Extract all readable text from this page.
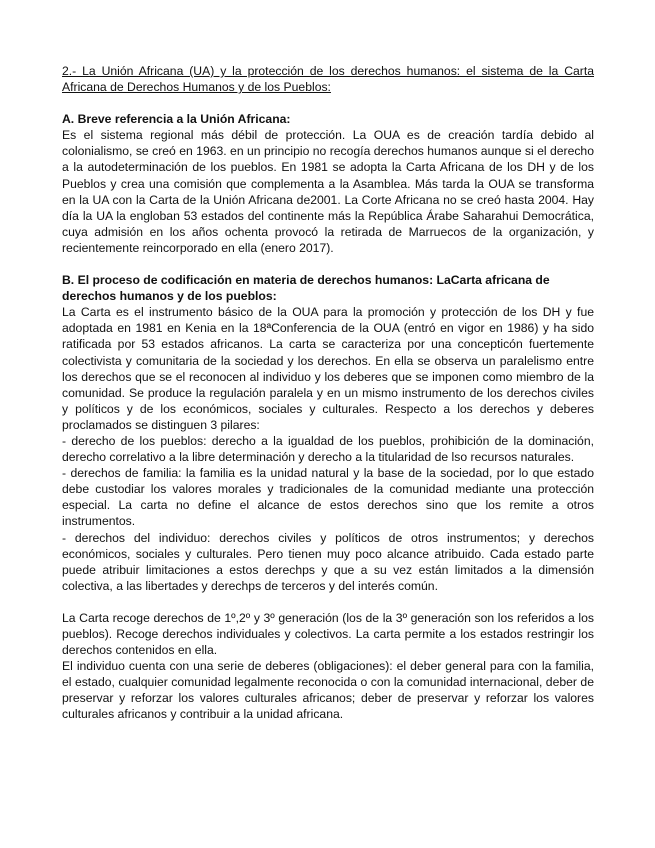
2.- La Unión Africana (UA) y la protección de los derechos humanos: el sistema de la Carta Africana de Derechos Humanos y de los Pueblos:

A. Breve referencia a la Unión Africana:

Es el sistema regional más débil de protección. La OUA es de creación tardía debido al colonialismo, se creó en 1963. en un principio no recogía derechos humanos aunque si el derecho a la autodeterminación de los pueblos. En 1981 se adopta la Carta Africana de los DH y de los Pueblos y crea una comisión que complementa a la Asamblea. Más tarda la OUA se transforma en la UA con la Carta de la Unión Africana de2001. La Corte Africana no se creó hasta 2004. Hay día la UA la engloban 53 estados del continente más la República Árabe Saharahui Democrática, cuya admisión en los años ochenta provocó la retirada de Marruecos de la organización, y recientemente reincorporado en ella (enero 2017).

B. El proceso de codificación en materia de derechos humanos: LaCarta africana de derechos humanos y de los pueblos:

La Carta es el instrumento básico de la OUA para la promoción y protección de los DH y fue adoptada en 1981 en Kenia en la 18ªConferencia de la OUA (entró en vigor en 1986) y ha sido ratificada por 53 estados africanos. La carta se caracteriza por una concepticón fuertemente colectivista y comunitaria de la sociedad y los derechos. En ella se observa un paralelismo entre los derechos que se el reconocen al individuo y los deberes que se imponen como miembro de la comunidad. Se produce la regulación paralela y en un mismo instrumento de los derechos civiles y políticos y de los económicos, sociales y culturales. Respecto a los derechos y deberes proclamados se distinguen 3 pilares:

- derecho de los pueblos: derecho a la igualdad de los pueblos, prohibición de la dominación, derecho correlativo a la libre determinación y derecho a la titularidad de lso recursos naturales.

- derechos de familia: la familia es la unidad natural y la base de la sociedad, por lo que estado debe custodiar los valores morales y tradicionales de la comunidad mediante una protección especial. La carta no define el alcance de estos derechos sino que los remite a otros instrumentos.

- derechos del individuo: derechos civiles y políticos de otros instrumentos; y derechos económicos, sociales y culturales. Pero tienen muy poco alcance atribuido. Cada estado parte puede atribuir limitaciones a estos derechps y que a su vez están limitados a la dimensión colectiva, a las libertades y derechps de terceros y del interés común.

La Carta recoge derechos de 1º,2º y 3º generación (los de la 3º generación son los referidos a los pueblos). Recoge derechos individuales y colectivos. La carta permite a los estados restringir los derechos contenidos en ella.

El individuo cuenta con una serie de deberes (obligaciones): el deber general para con la familia, el estado, cualquier comunidad legalmente reconocida o con la comunidad internacional, deber de preservar y reforzar los valores culturales africanos; deber de preservar y reforzar los valores culturales africanos y contribuir a la unidad africana.
